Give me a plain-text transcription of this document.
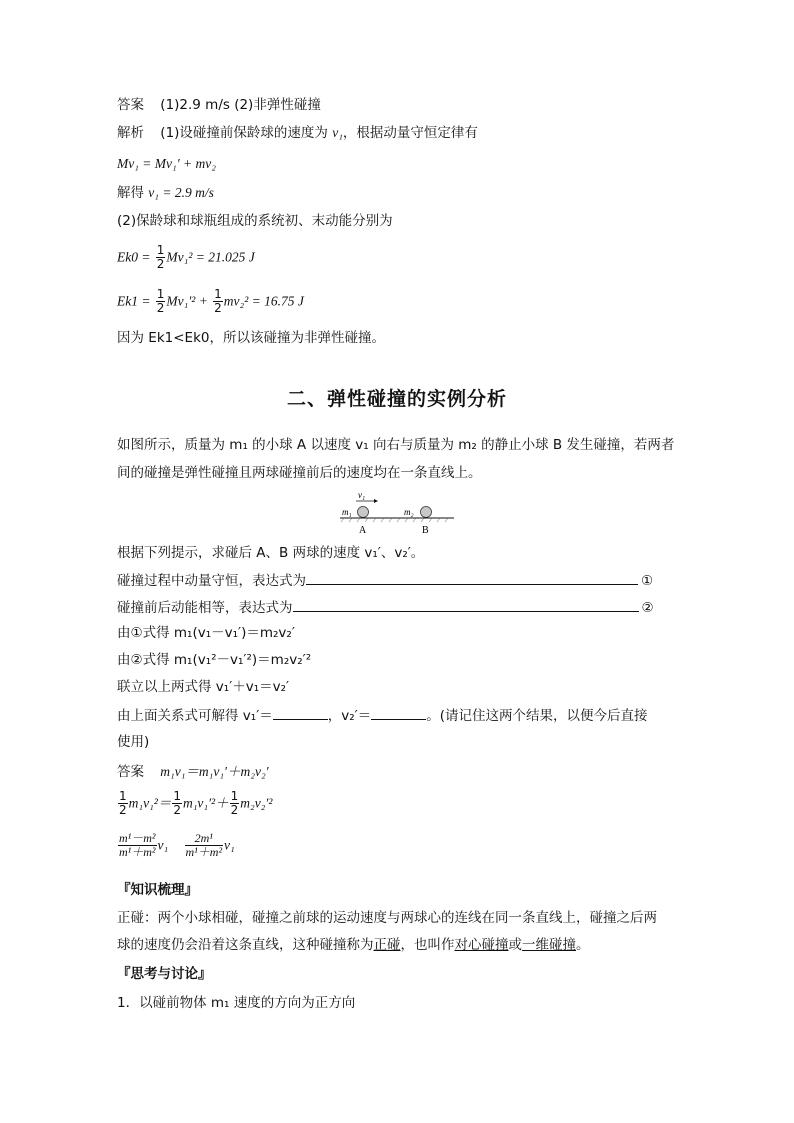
答案 (1)2.9 m/s (2)非弹性碰撞
解析 (1)设碰撞前保龄球的速度为 v₁，根据动量守恒定律有
Mv₁ = Mv₁′ + mv₂
解得 v₁ = 2.9 m/s
(2)保龄球和球瓶组成的系统初、末动能分别为
$Ek0 = \frac{1}{2} Mv_1^2 = 21.025$ J
$Ek1 = \frac{1}{2} Mv_1'^2 + \frac{1}{2} mv_2^2 = 16.75$ J
因为 Ek1<Ek0，所以该碰撞为非弹性碰撞。
二、弹性碰撞的实例分析
如图所示，质量为 m₁ 的小球 A 以速度 v₁ 向右与质量为 m₂ 的静止小球 B 发生碰撞，若两者
间的碰撞是弹性碰撞且两球碰撞前后的速度均在一条直线上。
v₁
m₁	m₂
A	B
根据下列提示，求碰后 A、B 两球的速度 v₁′、v₂′。
碰撞过程中动量守恒，表达式为	①
碰撞前后动能相等，表达式为	②
由①式得 m₁(v₁－v₁′)＝m₂v₂′
由②式得 m₁(v₁²－v₁′²)＝m₂v₂′²
联立以上两式得 v₁′＋v₁＝v₂′
由上面关系式可解得 v₁′＝	，v₂′＝	。(请记住这两个结果，以便今后直接
使用)
答案 m₁v₁＝m₁v₁′＋m₂v₂′
$\frac{1}{2} m_1v_1^2= \frac{1}{2} m_1v_1'^2+ \frac{1}{2} m_2v_2'^2$
$\frac{\text{m¹－m²}}{\text{m¹＋m²}} v_1 \frac{\text{2m¹}}{\text{m¹＋m²}} v_1$
『知识梳理』
正碰：两个小球相碰，碰撞之前球的运动速度与两球心的连线在同一条直线上，碰撞之后两
球的速度仍会沿着这条直线，这种碰撞称为正碰，也叫作对心碰撞或一维碰撞。
『思考与讨论』
1．以碰前物体 m₁ 速度的方向为正方向
